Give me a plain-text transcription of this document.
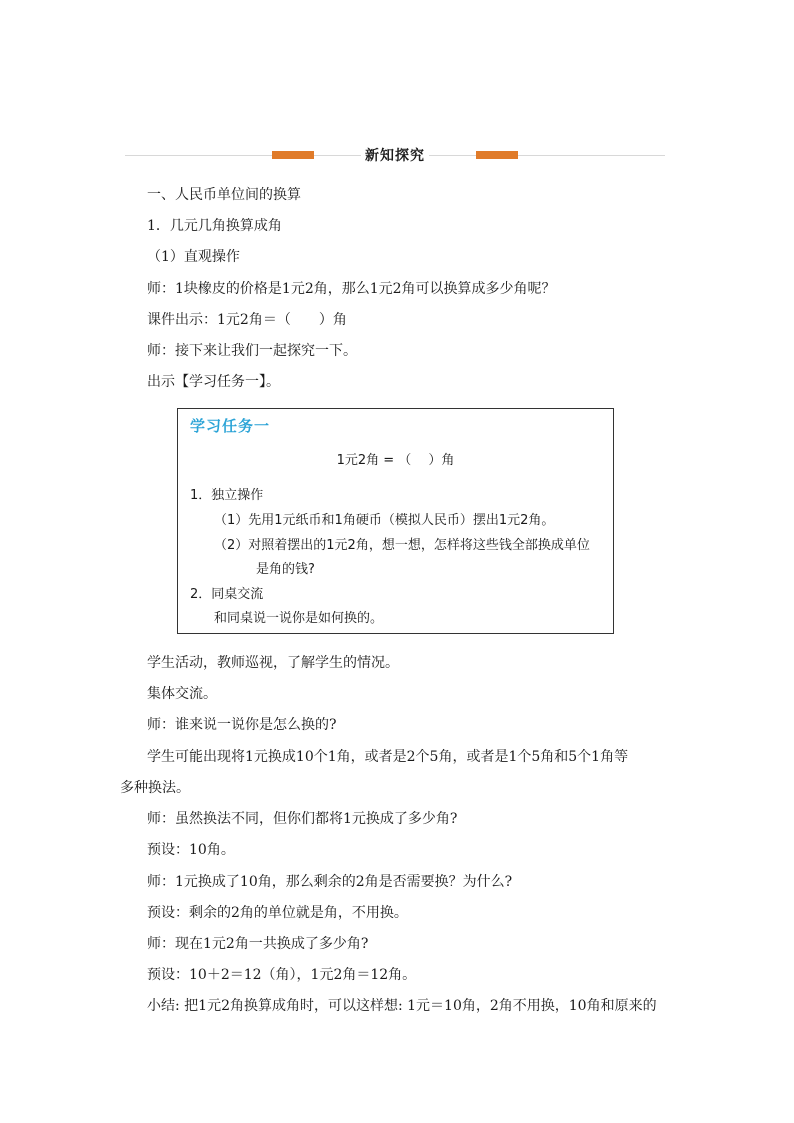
新知探究
一、人民币单位间的换算
1．几元几角换算成角
（1）直观操作
师：1块橡皮的价格是1元2角，那么1元2角可以换算成多少角呢？
课件出示：1元2角＝（　　）角
师：接下来让我们一起探究一下。
出示【学习任务一】。
学习任务一
1元2角 = （　 ）角
1．独立操作
（1）先用1元纸币和1角硬币（模拟人民币）摆出1元2角。
（2）对照着摆出的1元2角，想一想，怎样将这些钱全部换成单位
是角的钱?
2．同桌交流
和同桌说一说你是如何换的。
学生活动，教师巡视，了解学生的情况。
集体交流。
师：谁来说一说你是怎么换的?
学生可能出现将1元换成10个1角，或者是2个5角，或者是1个5角和5个1角等
多种换法。
师：虽然换法不同，但你们都将1元换成了多少角?
预设：10角。
师：1元换成了10角，那么剩余的2角是否需要换？为什么?
预设：剩余的2角的单位就是角，不用换。
师：现在1元2角一共换成了多少角?
预设：10＋2＝12（角），1元2角＝12角。
小结: 把1元2角换算成角时，可以这样想: 1元＝10角，2角不用换，10角和原来的
